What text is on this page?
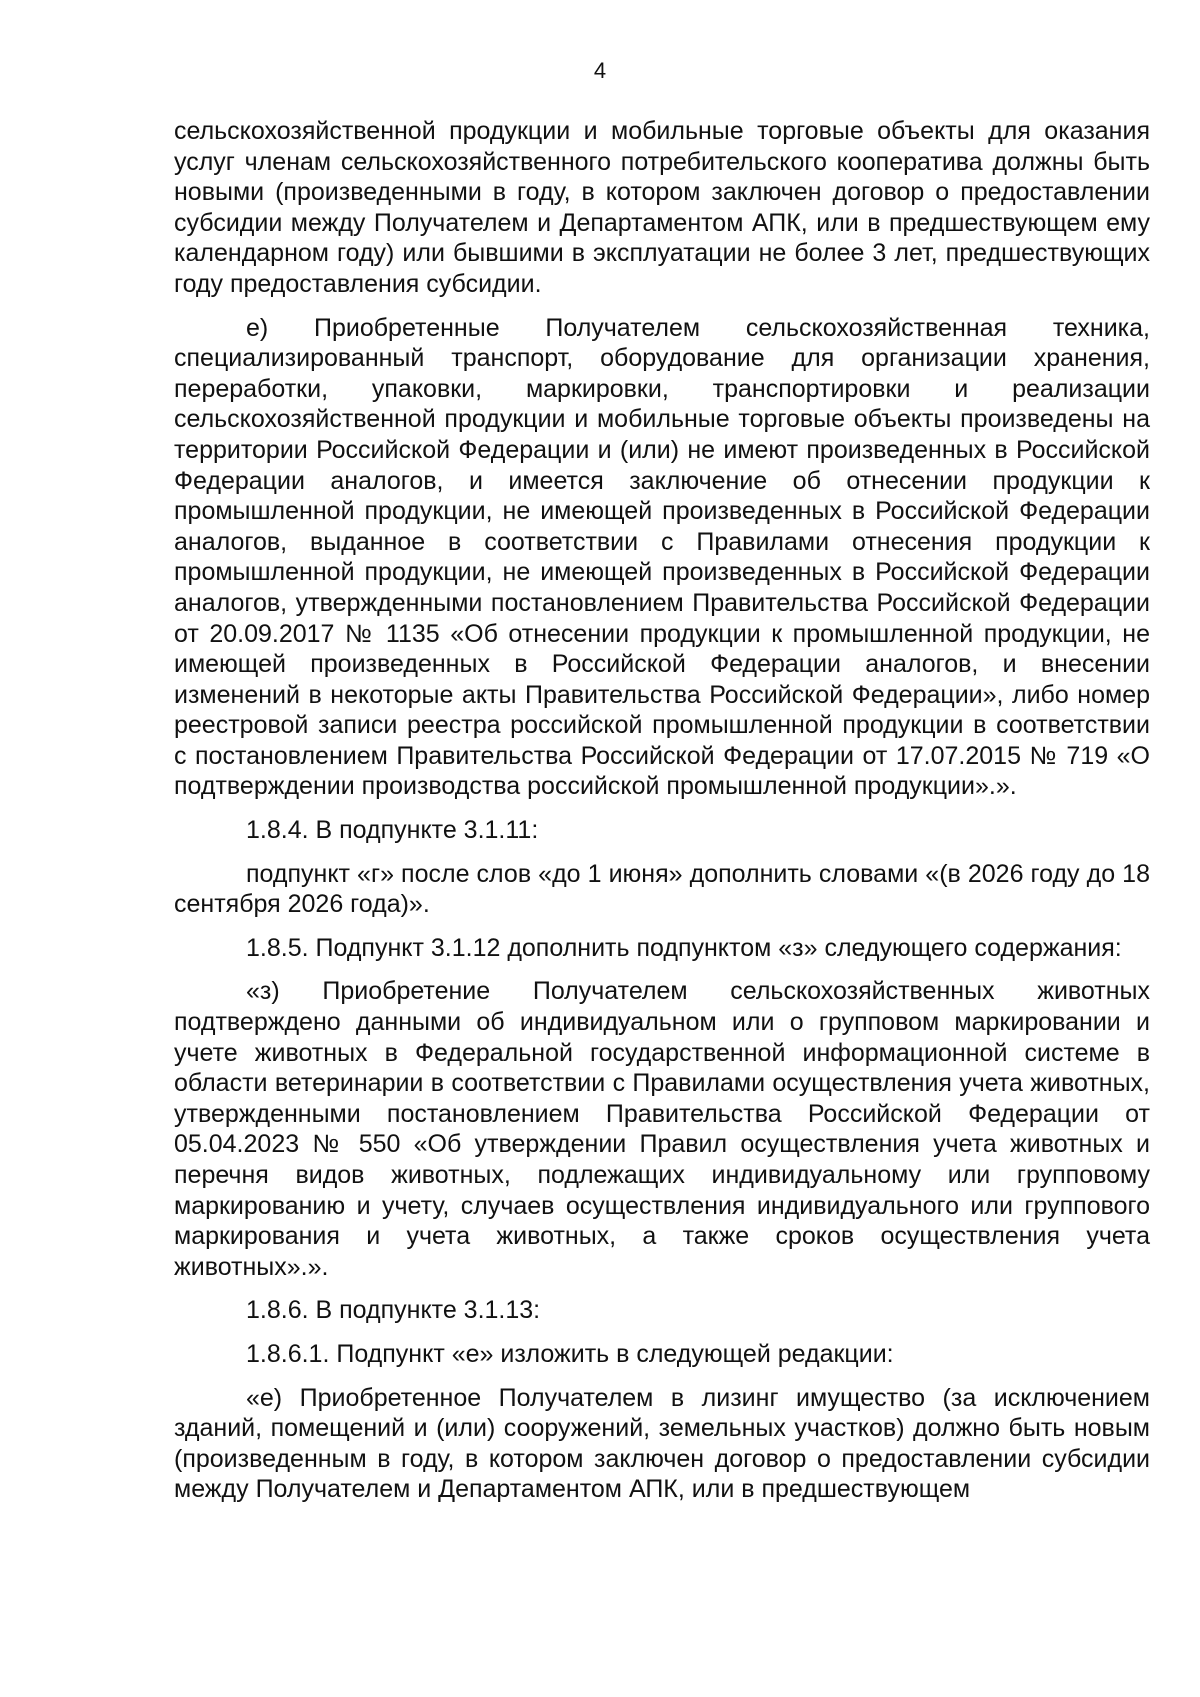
4

сельскохозяйственной продукции и мобильные торговые объекты для оказания услуг членам сельскохозяйственного потребительского кооператива должны быть новыми (произведенными в году, в котором заключен договор о предоставлении субсидии между Получателем и Департаментом АПК, или в предшествующем ему календарном году) или бывшими в эксплуатации не более 3 лет, предшествующих году предоставления субсидии.

е) Приобретенные Получателем сельскохозяйственная техника, специализированный транспорт, оборудование для организации хранения, переработки, упаковки, маркировки, транспортировки и реализации сельскохозяйственной продукции и мобильные торговые объекты произведены на территории Российской Федерации и (или) не имеют произведенных в Российской Федерации аналогов, и имеется заключение об отнесении продукции к промышленной продукции, не имеющей произведенных в Российской Федерации аналогов, выданное в соответствии с Правилами отнесения продукции к промышленной продукции, не имеющей произведенных в Российской Федерации аналогов, утвержденными постановлением Правительства Российской Федерации от 20.09.2017 № 1135 «Об отнесении продукции к промышленной продукции, не имеющей произведенных в Российской Федерации аналогов, и внесении изменений в некоторые акты Правительства Российской Федерации», либо номер реестровой записи реестра российской промышленной продукции в соответствии с постановлением Правительства Российской Федерации от 17.07.2015 № 719 «О подтверждении производства российской промышленной продукции».».

1.8.4. В подпункте 3.1.11:

подпункт «г» после слов «до 1 июня» дополнить словами «(в 2026 году до 18 сентября 2026 года)».

1.8.5. Подпункт 3.1.12 дополнить подпунктом «з» следующего содержания:

«з) Приобретение Получателем сельскохозяйственных животных подтверждено данными об индивидуальном или о групповом маркировании и учете животных в Федеральной государственной информационной системе в области ветеринарии в соответствии с Правилами осуществления учета животных, утвержденными постановлением Правительства Российской Федерации от 05.04.2023 № 550 «Об утверждении Правил осуществления учета животных и перечня видов животных, подлежащих индивидуальному или групповому маркированию и учету, случаев осуществления индивидуального или группового маркирования и учета животных, а также сроков осуществления учета животных».».

1.8.6. В подпункте 3.1.13:

1.8.6.1. Подпункт «е» изложить в следующей редакции:

«е) Приобретенное Получателем в лизинг имущество (за исключением зданий, помещений и (или) сооружений, земельных участков) должно быть новым (произведенным в году, в котором заключен договор о предоставлении субсидии между Получателем и Департаментом АПК, или в предшествующем
